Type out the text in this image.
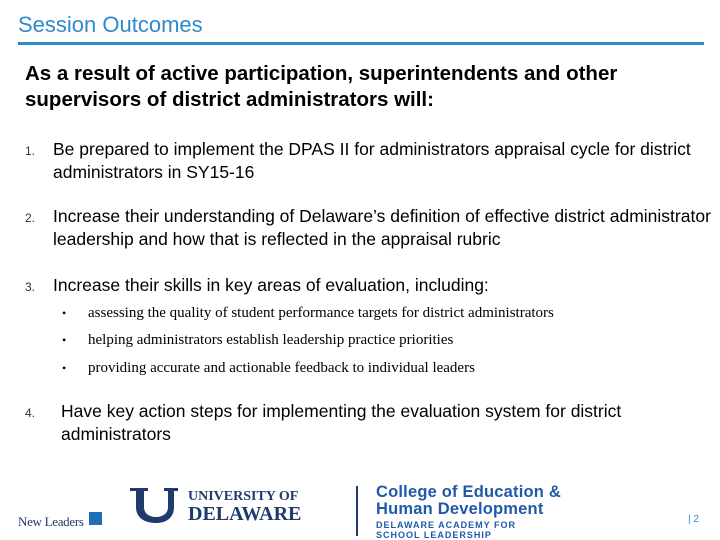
Session Outcomes
As a result of active participation, superintendents and other supervisors of district administrators will:
1. Be prepared to implement the DPAS II for administrators appraisal cycle for district administrators in SY15-16
2. Increase their understanding of Delaware’s definition of effective district administrator leadership and how that is reflected in the appraisal rubric
3. Increase their skills in key areas of evaluation, including:
• assessing the quality of student performance targets for district administrators
• helping administrators establish leadership practice priorities
• providing accurate and actionable feedback to individual leaders
4. Have key action steps for implementing the evaluation system for district administrators
New Leaders
UNIVERSITY OF
DELAWARE
College of Education &
Human Development
DELAWARE ACADEMY FOR
SCHOOL LEADERSHIP
| 2
